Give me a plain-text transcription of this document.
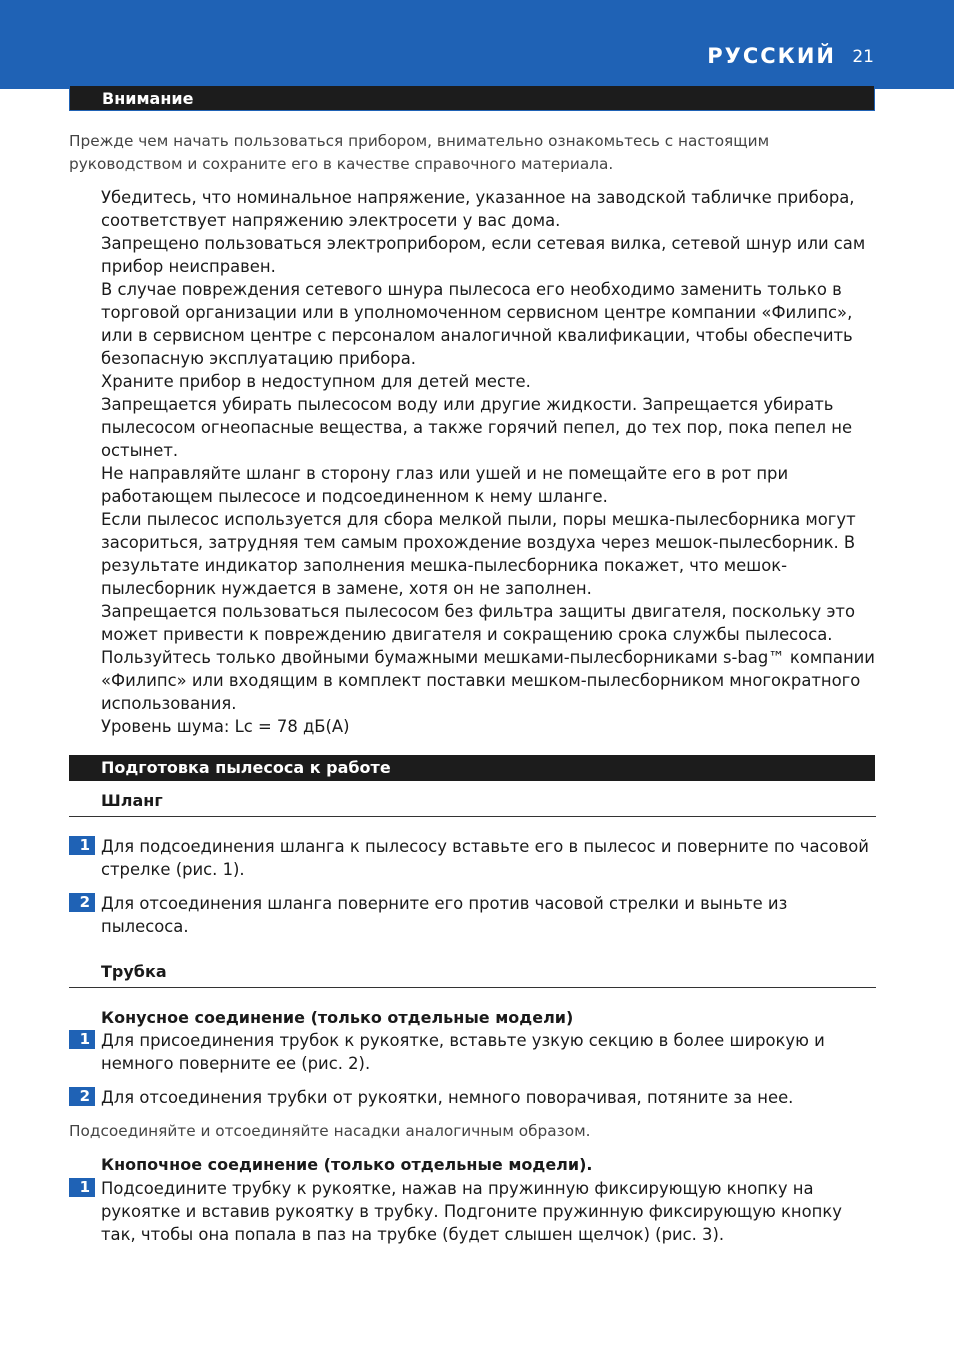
РУССКИЙ 21
Внимание
Прежде чем начать пользоваться прибором, внимательно ознакомьтесь с настоящим руководством и сохраните его в качестве справочного материала.

Убедитесь, что номинальное напряжение, указанное на заводской табличке прибора, соответствует напряжению электросети у вас дома.

Запрещено пользоваться электроприбором, если сетевая вилка, сетевой шнур или сам прибор неисправен.

В случае повреждения сетевого шнура пылесоса его необходимо заменить только в торговой организации или в уполномоченном сервисном центре компании «Филипс», или в сервисном центре с персоналом аналогичной квалификации, чтобы обеспечить безопасную эксплуатацию прибора.

Храните прибор в недоступном для детей месте.

Запрещается убирать пылесосом воду или другие жидкости. Запрещается убирать пылесосом огнеопасные вещества, а также горячий пепел, до тех пор, пока пепел не остынет.

Не направляйте шланг в сторону глаз или ушей и не помещайте его в рот при работающем пылесосе и подсоединенном к нему шланге.

Если пылесос используется для сбора мелкой пыли, поры мешка-пылесборника могут засориться, затрудняя тем самым прохождение воздуха через мешок-пылесборник. В результате индикатор заполнения мешка-пылесборника покажет, что мешок-пылесборник нуждается в замене, хотя он не заполнен.

Запрещается пользоваться пылесосом без фильтра защиты двигателя, поскольку это может привести к повреждению двигателя и сокращению срока службы пылесоса.

Пользуйтесь только двойными бумажными мешками-пылесборниками s-bag™ компании «Филипс» или входящим в комплект поставки мешком-пылесборником многократного использования.

Уровень шума: Lc = 78 дБ(A)

Подготовка пылесоса к работе
Шланг
1 Для подсоединения шланга к пылесосу вставьте его в пылесос и поверните по часовой стрелке (рис. 1).
2 Для отсоединения шланга поверните его против часовой стрелки и выньте из пылесоса.
Трубка
Конусное соединение (только отдельные модели)
1 Для присоединения трубок к рукоятке, вставьте узкую секцию в более широкую и немного поверните ее (рис. 2).
2 Для отсоединения трубки от рукоятки, немного поворачивая, потяните за нее.
Подсоединяйте и отсоединяйте насадки аналогичным образом.
Кнопочное соединение (только отдельные модели).
1 Подсоедините трубку к рукоятке, нажав на пружинную фиксирующую кнопку на рукоятке и вставив рукоятку в трубку. Подгоните пружинную фиксирующую кнопку так, чтобы она попала в паз на трубке (будет слышен щелчок) (рис. 3).
